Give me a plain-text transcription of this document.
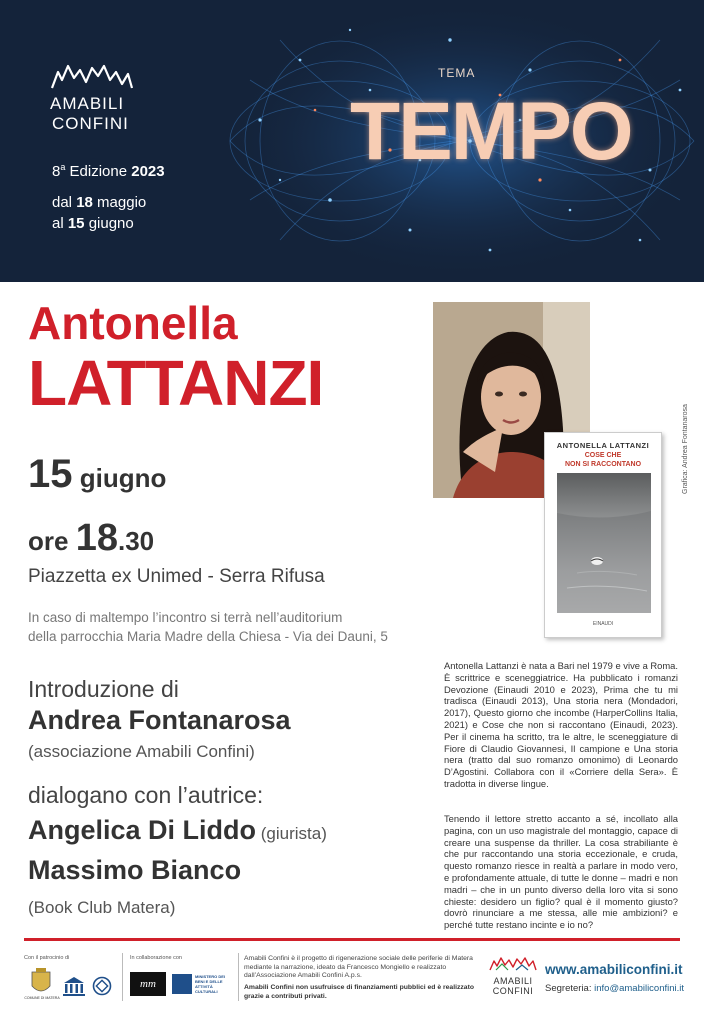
AMABILI
CONFINI
8$^a$ Edizione 2023
dal 18 maggio
al 15 giugno
TEMA
TEMPO
Antonella
LATTANZI
15 giugno
ore 18.30
Piazzetta ex Unimed - Serra Rifusa
In caso di maltempo l’incontro si terrà nell’auditorium
della parrocchia Maria Madre della Chiesa - Via dei Dauni, 5
Introduzione di
Andrea Fontanarosa
(associazione Amabili Confini)
dialogano con l’autrice:
Angelica Di Liddo (giurista)
Massimo Bianco
(Book Club Matera)
Grafica: Andrea Fontanarosa
ANTONELLA LATTANZI
COSE CHE
NON SI RACCONTANO
EINAUDI
Antonella Lattanzi è nata a Bari nel 1979 e vive a Roma. È scrittrice e sceneggiatrice. Ha pubblicato i romanzi Devozione (Einaudi 2010 e 2023), Prima che tu mi tradisca (Einaudi 2013), Una storia nera (Mondadori, 2017), Questo giorno che incombe (HarperCollins Italia, 2021) e Cose che non si raccontano (Einaudi, 2023). Per il cinema ha scritto, tra le altre, le sceneggiature di Fiore di Claudio Giovannesi, Il campione e Una storia nera (tratto dal suo romanzo omonimo) di Leonardo D’Agostini. Collabora con il «Corriere della Sera». È tradotta in diverse lingue.
Tenendo il lettore stretto accanto a sé, incollato alla pagina, con un uso magistrale del montaggio, capace di creare una suspense da thriller. La cosa strabiliante è che pur raccontando una storia eccezionale, e cruda, questo romanzo riesce in realtà a parlare in modo vero, e profondamente attuale, di tutte le donne – madri e non madri – che in un punto diverso della loro vita si sono chieste: desidero un figlio? qual è il momento giusto? dovrò rinunciare a me stessa, alle mie ambizioni? e perché tutte restano incinte e io no?
Con il patrocinio di
COMUNE DI MATERA
In collaborazione con
mm
MINISTERO DEI BENI E DELLE ATTIVITÀ CULTURALI
Amabili Confini è il progetto di rigenerazione sociale delle periferie di Matera mediante la narrazione, ideato da Francesco Mongiello e realizzato dall’Associazione Amabili Confini A.p.s.
Amabili Confini non usufruisce di finanziamenti pubblici ed è realizzato grazie a contributi privati.
AMABILI
CONFINI
www.amabiliconfini.it
Segreteria: info@amabiliconfini.it
